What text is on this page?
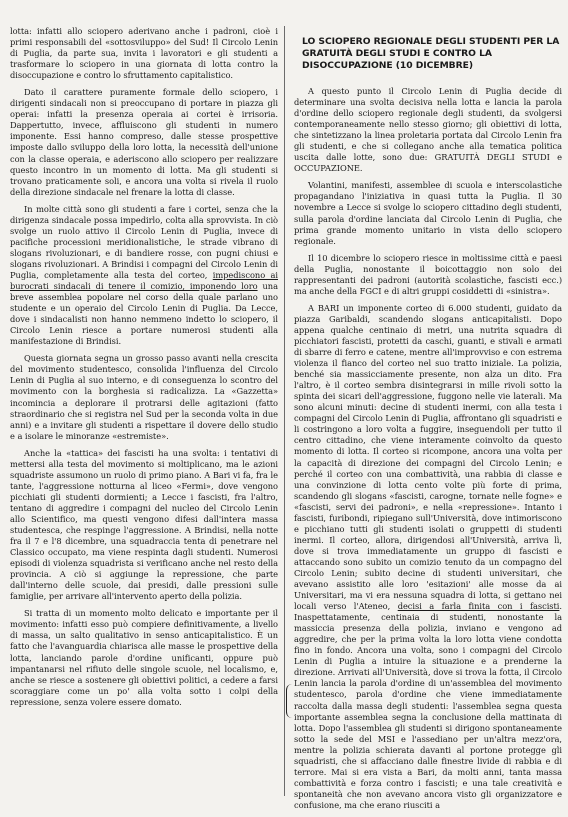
lotta: infatti allo sciopero aderivano anche i padroni, cioè i primi responsabili del «sottosviluppo» del Sud! Il Circolo Lenin di Puglia, da parte sua, invita i lavoratori e gli studenti a trasformare lo sciopero in una giornata di lotta contro la disoccupazione e contro lo sfruttamento capitalistico.

Dato il carattere puramente formale dello sciopero, i dirigenti sindacali non si preoccupano di portare in piazza gli operai: infatti la presenza operaia ai cortei è irrisoria. Dappertutto, invece, affluiscono gli studenti in numero imponente. Essi hanno compreso, dalle stesse prospettive imposte dallo sviluppo della loro lotta, la necessità dell'unione con la classe operaia, e aderiscono allo sciopero per realizzare questo incontro in un momento di lotta. Ma gli studenti si trovano praticamente soli, e ancora una volta si rivela il ruolo della direzione sindacale nel frenare la lotta di classe.

In molte città sono gli studenti a fare i cortei, senza che la dirigenza sindacale possa impedirlo, colta alla sprovvista. In ciò svolge un ruolo attivo il Circolo Lenin di Puglia, invece di pacifiche processioni meridionalistiche, le strade vibrano di slogans rivoluzionari, e di bandiere rosse, con pugni chiusi e slogans rivoluzionari. A Brindisi i compagni del Circolo Lenin di Puglia, completamente alla testa del corteo, impediscono ai burocrati sindacali di tenere il comizio, imponendo loro una breve assemblea popolare nel corso della quale parlano uno studente e un operaio del Circolo Lenin di Puglia. Da Lecce, dove i sindacalisti non hanno nemmeno indetto lo sciopero, il Circolo Lenin riesce a portare numerosi studenti alla manifestazione di Brindisi.

Questa giornata segna un grosso passo avanti nella crescita del movimento studentesco, consolida l'influenza del Circolo Lenin di Puglia al suo interno, e di conseguenza lo scontro del movimento con la borghesia si radicalizza. La «Gazzetta» incomincia a deplorare il protrarsi delle agitazioni (fatto straordinario che si registra nel Sud per la seconda volta in due anni) e a invitare gli studenti a rispettare il dovere dello studio e a isolare le minoranze «estremiste».

Anche la «tattica» dei fascisti ha una svolta: i tentativi di mettersi alla testa del movimento si moltiplicano, ma le azioni squadriste assumono un ruolo di primo piano. A Bari vi fa, fra le tante, l'aggressione notturna al liceo «Fermi», dove vengono picchiati gli studenti dormienti; a Lecce i fascisti, fra l'altro, tentano di aggredire i compagni del nucleo del Circolo Lenin allo Scientifico, ma questi vengono difesi dall'intera massa studentesca, che respinge l'aggressione. A Brindisi, nella notte fra il 7 e l'8 dicembre, una squadraccia tenta di penetrare nel Classico occupato, ma viene respinta dagli studenti. Numerosi episodi di violenza squadrista si verificano anche nel resto della provincia. A ciò si aggiunge la repressione, che parte dall'interno delle scuole, dai presidi, dalle pressioni sulle famiglie, per arrivare all'intervento aperto della polizia.

Si tratta di un momento molto delicato e importante per il movimento: infatti esso può compiere definitivamente, a livello di massa, un salto qualitativo in senso anticapitalistico. È un fatto che l'avanguardia chiarisca alle masse le prospettive della lotta, lanciando parole d'ordine unificanti, oppure può impantanarsi nel rifiuto delle singole scuole, nel localismo, e, anche se riesce a sostenere gli obiettivi politici, a cedere a farsi scoraggiare come un po' alla volta sotto i colpi della repressione, senza volere essere domato.

LO SCIOPERO REGIONALE DEGLI STUDENTI PER LA GRATUITÀ DEGLI STUDI E CONTRO LA DISOCCUPAZIONE (10 DICEMBRE)

A questo punto il Circolo Lenin di Puglia decide di determinare una svolta decisiva nella lotta e lancia la parola d'ordine dello sciopero regionale degli studenti, da svolgersi contemporaneamente nello stesso giorno; gli obiettivi di lotta, che sintetizzano la linea proletaria portata dal Circolo Lenin fra gli studenti, e che si collegano anche alla tematica politica uscita dalle lotte, sono due: GRATUITÀ DEGLI STUDI e OCCUPAZIONE.

Volantini, manifesti, assemblee di scuola e interscolastiche propagandano l'iniziativa in quasi tutta la Puglia. Il 30 novembre a Lecce si svolge lo sciopero cittadino degli studenti, sulla parola d'ordine lanciata dal Circolo Lenin di Puglia, che prima grande momento unitario in vista dello sciopero regionale.

Il 10 dicembre lo sciopero riesce in moltissime città e paesi della Puglia, nonostante il boicottaggio non solo dei rappresentanti dei padroni (autorità scolastiche, fascisti ecc.) ma anche della FGCI e di altri gruppi cosiddetti di «sinistra».

A BARI un imponente corteo di 6.000 studenti, guidato da piazza Garibaldi, scandendo slogans anticapitalisti. Dopo appena qualche centinaio di metri, una nutrita squadra di picchiatori fascisti, protetti da caschi, guanti, e stivali e armati di sbarre di ferro e catene, mentre all'improvviso e con estrema violenza il fianco del corteo nel suo tratto iniziale. La polizia, benché sia massicciamente presente, non alza un dito. Fra l'altro, è il corteo sembra disintegrarsi in mille rivoli sotto la spinta dei sicari dell'aggressione, fuggono nelle vie laterali. Ma sono alcuni minuti: decine di studenti inermi, con alla testa i compagni del Circolo Lenin di Puglia, affrontano gli squadristi e li costringono a loro volta a fuggire, inseguendoli per tutto il centro cittadino, che viene interamente coinvolto da questo momento di lotta. Il corteo si ricompone, ancora una volta per la capacità di direzione dei compagni del Circolo Lenin; e perché il corteo con una combattività, una rabbia di classe e una convinzione di lotta cento volte più forte di prima, scandendo gli slogans «fascisti, carogne, tornate nelle fogne» e «fascisti, servi dei padroni», e nella «repressione». Intanto i fascisti, furibondi, ripiegano sull'Università, dove intimoriscono e picchiano tutti gli studenti isolati o gruppetti di studenti inermi. Il corteo, allora, dirigendosi all'Università, arriva lì, dove si trova immediatamente un gruppo di fascisti e attaccando sono subito un comizio tenuto da un compagno del Circolo Lenin; subito decine di studenti universitari, che avevano assistito alle loro 'esitazioni' alle mosse da ai Universitari, ma vi era nessuna squadra di lotta, si gettano nei locali verso l'Ateneo, decisi a farla finita con i fascisti. Inaspettatamente, centinaia di studenti, nonostante la massiccia presenza della polizia, inviano e vengono ad aggredire, che per la prima volta la loro lotta viene condotta fino in fondo. Ancora una volta, sono i compagni del Circolo Lenin di Puglia a intuire la situazione e a prenderne la direzione. Arrivati all'Università, dove si trova la fotta, il Circolo Lenin lancia la parola d'ordine di un'assemblea del movimento studentesco, parola d'ordine che viene immediatamente raccolta dalla massa degli studenti: l'assemblea segna questa importante assemblea segna la conclusione della mattinata di lotta. Dopo l'assemblea gli studenti si dirigono spontaneamente sotto la sede del MSI e l'assediano per un'altra mezz'ora, mentre la polizia schierata davanti al portone protegge gli squadristi, che si affacciano dalle finestre livide di rabbia e di terrore. Mai si era vista a Bari, da molti anni, tanta massa combattività e forza contro i fascisti; e una tale creatività e spontaneità che non avevano ancora visto gli organizzatore e confusione, ma che erano riusciti a
